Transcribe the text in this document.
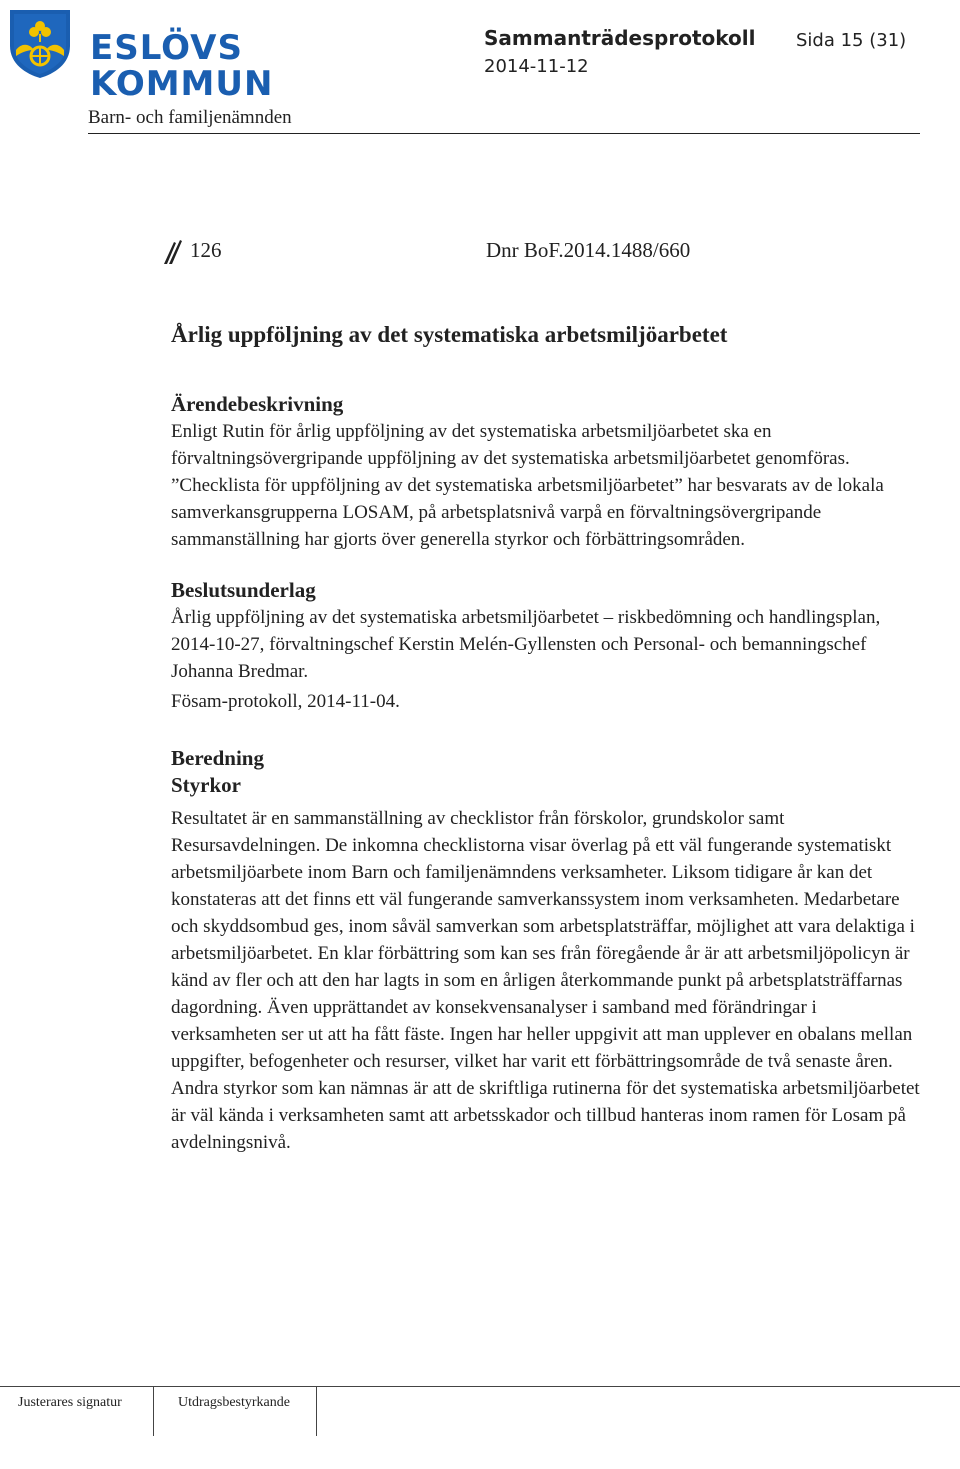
ESLÖVS
KOMMUN
Barn- och familjenämnden
Sammanträdesprotokoll
2014-11-12
Sida 15 (31)
126	Dnr BoF.2014.1488/660
Årlig uppföljning av det systematiska arbetsmiljöarbetet

Ärendebeskrivning

Enligt Rutin för årlig uppföljning av det systematiska arbetsmiljöarbetet ska en förvaltningsövergripande uppföljning av det systematiska arbetsmiljöarbetet genomföras. ”Checklista för uppföljning av det systematiska arbetsmiljöarbetet” har besvarats av de lokala samverkansgrupperna LOSAM, på arbetsplatsnivå varpå en förvaltningsövergripande sammanställning har gjorts över generella styrkor och förbättringsområden.

Beslutsunderlag

Årlig uppföljning av det systematiska arbetsmiljöarbetet – riskbedömning och handlingsplan, 2014-10-27, förvaltningschef Kerstin Melén-Gyllensten och Personal- och bemanningschef Johanna Bredmar.

Fösam-protokoll, 2014-11-04.

Beredning

Styrkor

Resultatet är en sammanställning av checklistor från förskolor, grundskolor samt Resursavdelningen. De inkomna checklistorna visar överlag på ett väl fungerande systematiskt arbetsmiljöarbete inom Barn och familjenämndens verksamheter. Liksom tidigare år kan det konstateras att det finns ett väl fungerande samverkanssystem inom verksamheten. Medarbetare och skyddsombud ges, inom såväl samverkan som arbetsplatsträffar, möjlighet att vara delaktiga i arbetsmiljöarbetet. En klar förbättring som kan ses från föregående år är att arbetsmiljöpolicyn är känd av fler och att den har lagts in som en årligen återkommande punkt på arbetsplatsträffarnas dagordning. Även upprättandet av konsekvensanalyser i samband med förändringar i verksamheten ser ut att ha fått fäste. Ingen har heller uppgivit att man upplever en obalans mellan uppgifter, befogenheter och resurser, vilket har varit ett förbättringsområde de två senaste åren. Andra styrkor som kan nämnas är att de skriftliga rutinerna för det systematiska arbetsmiljöarbetet är väl kända i verksamheten samt att arbetsskador och tillbud hanteras inom ramen för Losam på avdelningsnivå.

Justerares signatur	Utdragsbestyrkande
